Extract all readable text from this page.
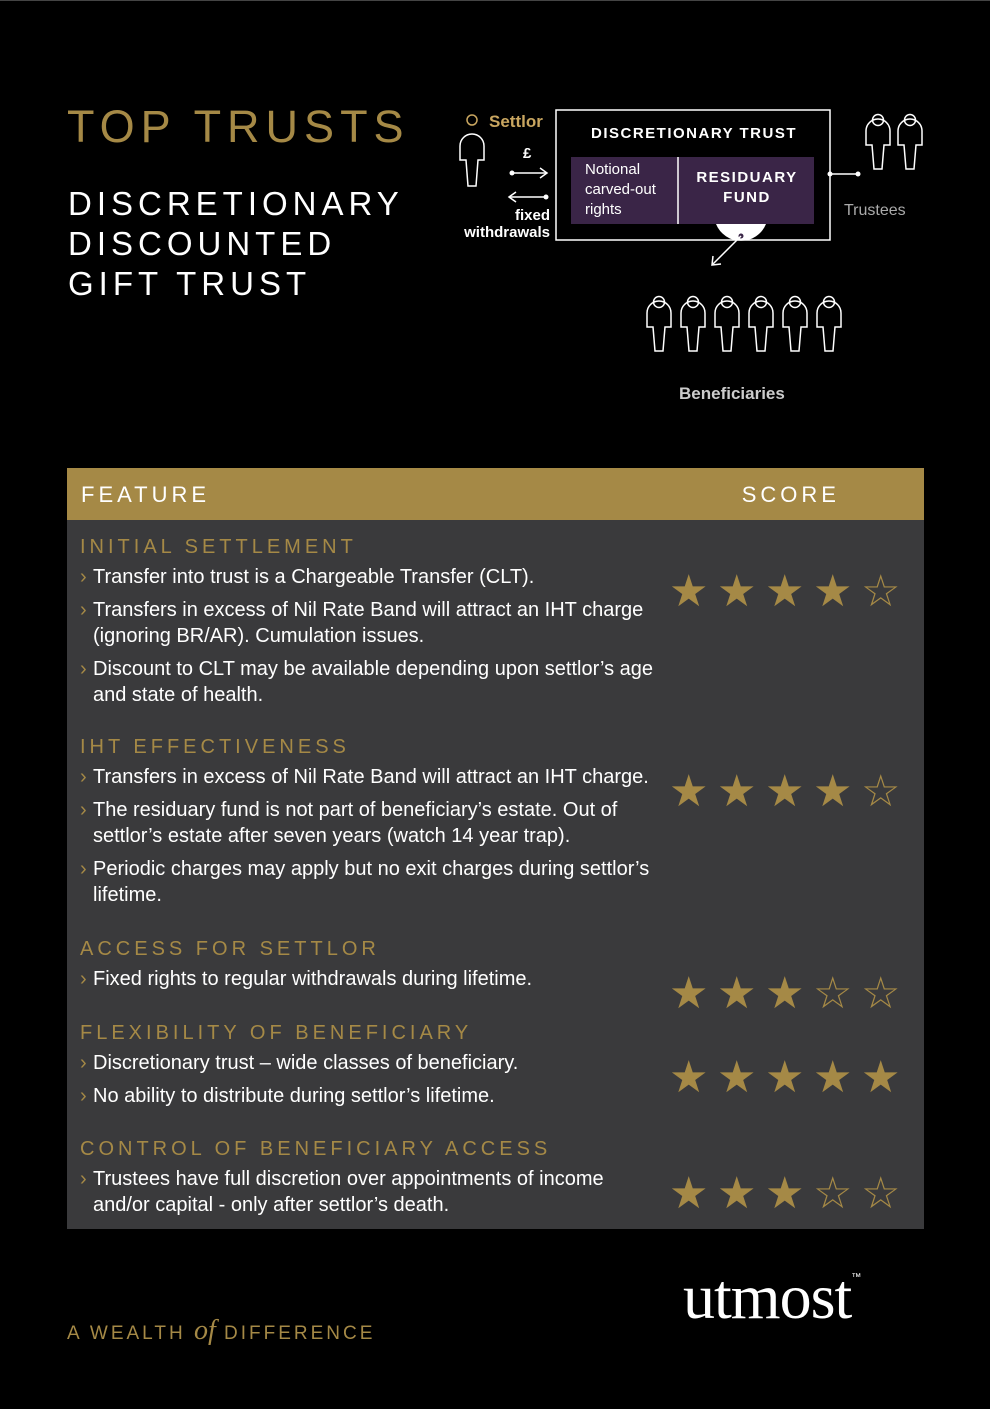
TOP TRUSTS
DISCRETIONARY
DISCOUNTED
GIFT TRUST
Settlor
£
fixed
withdrawals
DISCRETIONARY TRUST
Notional
carved-out
rights
RESIDUARY
FUND
Trustees
Beneficiaries
FEATURE	SCORE
INITIAL SETTLEMENT
› Transfer into trust is a Chargeable Transfer (CLT).
› Transfers in excess of Nil Rate Band will attract an IHT charge (ignoring BR/AR). Cumulation issues.
› Discount to CLT may be available depending upon settlor’s age and state of health.
★ ★ ★ ★ ☆
IHT EFFECTIVENESS
› Transfers in excess of Nil Rate Band will attract an IHT charge.
› The residuary fund is not part of beneficiary’s estate. Out of settlor’s estate after seven years (watch 14 year trap).
› Periodic charges may apply but no exit charges during settlor’s lifetime.
★ ★ ★ ★ ☆
ACCESS FOR SETTLOR
› Fixed rights to regular withdrawals during lifetime.	★ ★ ★ ☆ ☆
FLEXIBILITY OF BENEFICIARY
› Discretionary trust – wide classes of beneficiary.
› No ability to distribute during settlor’s lifetime.	★ ★ ★ ★ ★
CONTROL OF BENEFICIARY ACCESS
› Trustees have full discretion over appointments of income and/or capital - only after settlor’s death.	★ ★ ★ ☆ ☆
A WEALTH of DIFFERENCE
utmost ™
